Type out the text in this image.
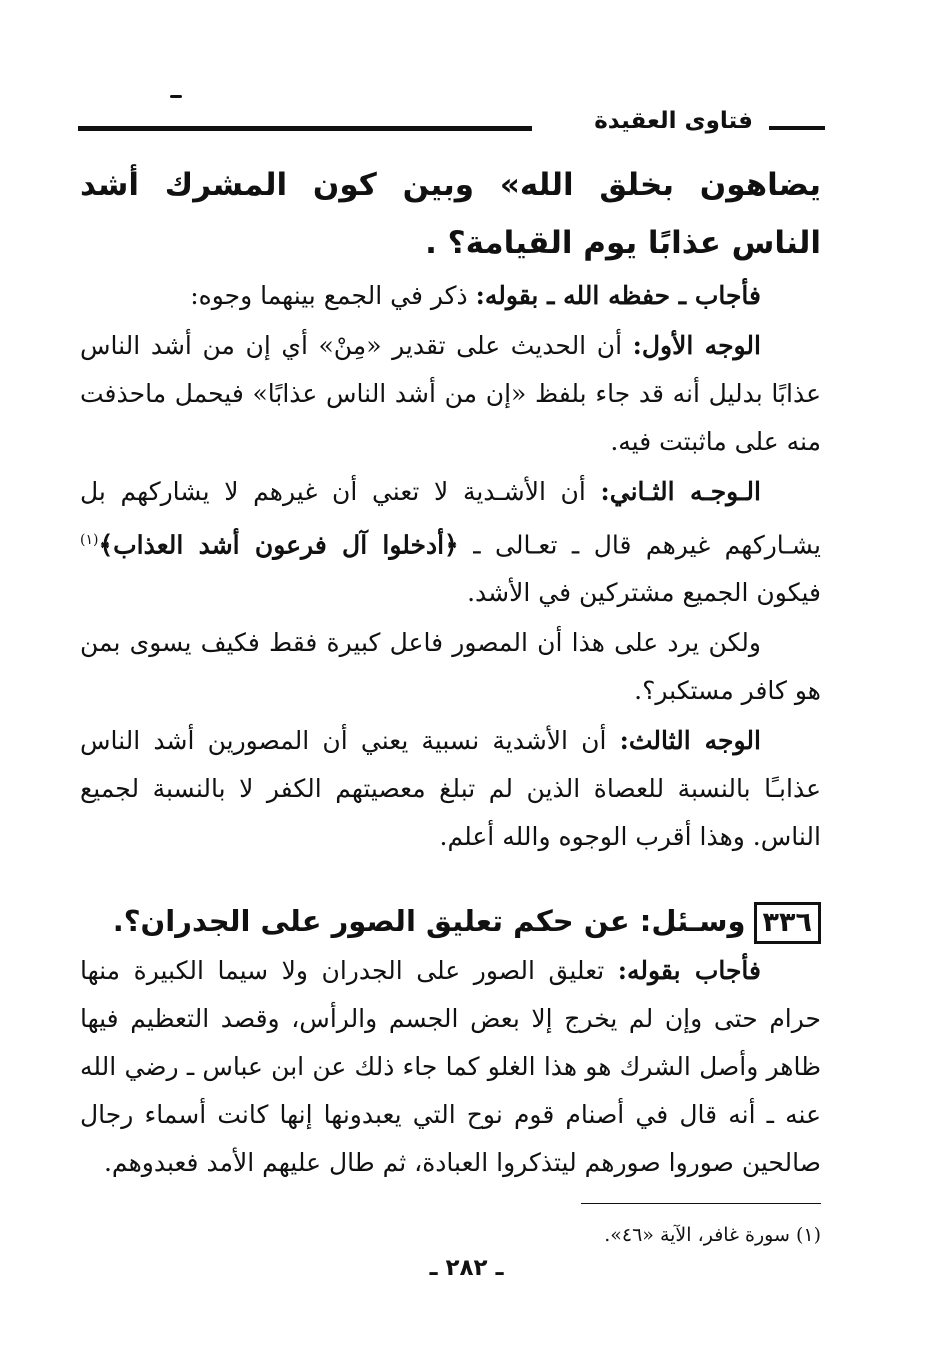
فتاوى العقيدة

يضاهون بخلق الله» وبين كون المشرك أشد الناس عذابًا يوم القيامة؟ .

فأجاب ـ حفظه الله ـ بقوله: ذكر في الجمع بينهما وجوه:

الوجه الأول: أن الحديث على تقدير «مِنْ» أي إن من أشد الناس عذابًا بدليل أنه قد جاء بلفظ «إن من أشد الناس عذابًا» فيحمل ماحذفت منه على ماثبتت فيه.

الـوجـه الثـاني: أن الأشـدية لا تعني أن غيرهم لا يشاركهم بل يشـاركهم غيرهم قال ـ تعـالى ـ ﴿أدخلوا آل فرعون أشد العذاب﴾$^{(١)}$ فيكون الجميع مشتركين في الأشد.

ولكن يرد على هذا أن المصور فاعل كبيرة فقط فكيف يسوى بمن هو كافر مستكبر؟.

الوجه الثالث: أن الأشدية نسبية يعني أن المصورين أشد الناس عذابـًا بالنسبة للعصاة الذين لم تبلغ معصيتهم الكفر لا بالنسبة لجميع الناس. وهذا أقرب الوجوه والله أعلم.

٣٣٦وسـئل: عن حكم تعليق الصور على الجدران؟.

فأجاب بقوله: تعليق الصور على الجدران ولا سيما الكبيرة منها حرام حتى وإن لم يخرج إلا بعض الجسم والرأس، وقصد التعظيم فيها ظاهر وأصل الشرك هو هذا الغلو كما جاء ذلك عن ابن عباس ـ رضي الله عنه ـ أنه قال في أصنام قوم نوح التي يعبدونها إنها كانت أسماء رجال صالحين صوروا صورهم ليتذكروا العبادة، ثم طال عليهم الأمد فعبدوهم.

(١) سورة غافر، الآية «٤٦».
ـ ٢٨٢ ـ
